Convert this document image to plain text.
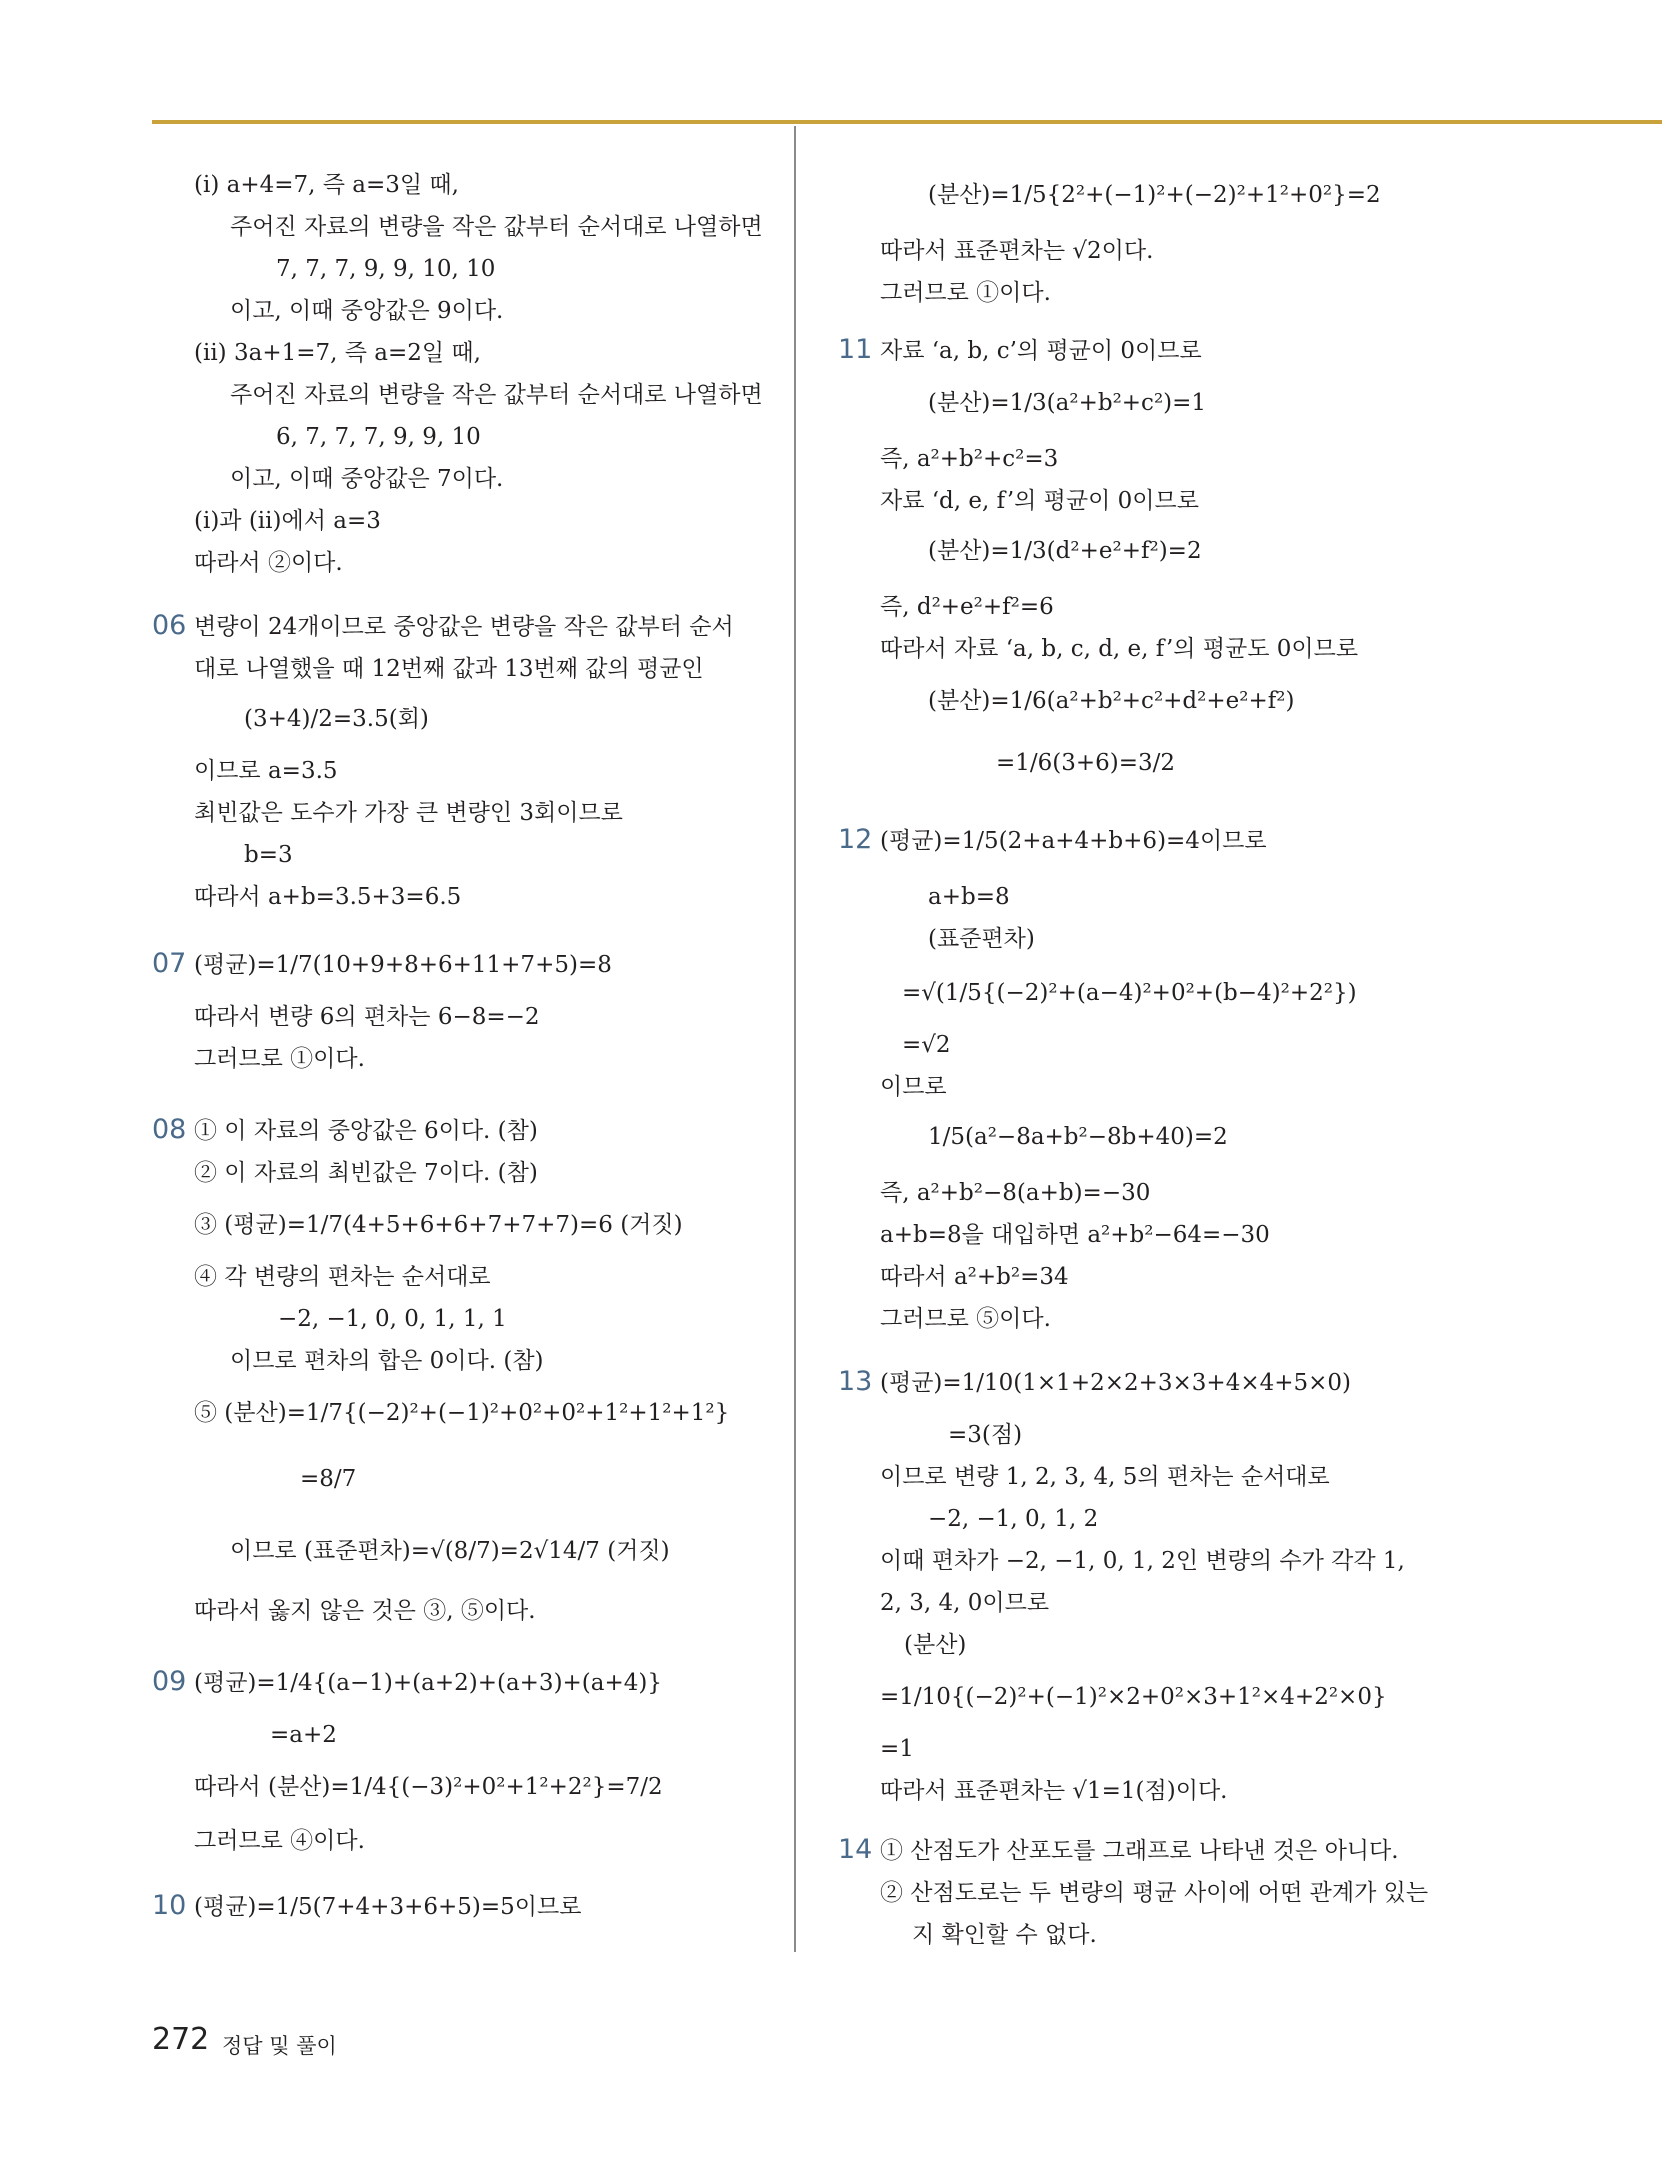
(ⅰ) a+4=7, 즉 a=3일 때,
주어진 자료의 변량을 작은 값부터 순서대로 나열하면
7, 7, 7, 9, 9, 10, 10
이고, 이때 중앙값은 9이다.
(ⅱ) 3a+1=7, 즉 a=2일 때,
주어진 자료의 변량을 작은 값부터 순서대로 나열하면
6, 7, 7, 7, 9, 9, 10
이고, 이때 중앙값은 7이다.
(ⅰ)과 (ⅱ)에서 a=3
따라서 ②이다.
06 변량이 24개이므로 중앙값은 변량을 작은 값부터 순서
대로 나열했을 때 12번째 값과 13번째 값의 평균인
(3+4)/2=3.5(회)
이므로 a=3.5
최빈값은 도수가 가장 큰 변량인 3회이므로
b=3
따라서 a+b=3.5+3=6.5
07 (평균)=1/7(10+9+8+6+11+7+5)=8
따라서 변량 6의 편차는 6−8=−2
그러므로 ①이다.
08 ① 이 자료의 중앙값은 6이다. (참)
② 이 자료의 최빈값은 7이다. (참)
③ (평균)=1/7(4+5+6+6+7+7+7)=6 (거짓)
④ 각 변량의 편차는 순서대로
−2, −1, 0, 0, 1, 1, 1
이므로 편차의 합은 0이다. (참)
⑤ (분산)=1/7{(−2)²+(−1)²+0²+0²+1²+1²+1²}
=8/7
이므로 (표준편차)=√(8/7)=2√14/7 (거짓)
따라서 옳지 않은 것은 ③, ⑤이다.
09 (평균)=1/4{(a−1)+(a+2)+(a+3)+(a+4)}
=a+2
따라서 (분산)=1/4{(−3)²+0²+1²+2²}=7/2
그러므로 ④이다.
10 (평균)=1/5(7+4+3+6+5)=5이므로
(분산)=1/5{2²+(−1)²+(−2)²+1²+0²}=2
따라서 표준편차는 √2이다.
그러므로 ①이다.
11 자료 ‘a, b, c’의 평균이 0이므로
(분산)=1/3(a²+b²+c²)=1
즉, a²+b²+c²=3
자료 ‘d, e, f’의 평균이 0이므로
(분산)=1/3(d²+e²+f²)=2
즉, d²+e²+f²=6
따라서 자료 ‘a, b, c, d, e, f’의 평균도 0이므로
(분산)=1/6(a²+b²+c²+d²+e²+f²)
=1/6(3+6)=3/2
12 (평균)=1/5(2+a+4+b+6)=4이므로
a+b=8
(표준편차)
=√(1/5{(−2)²+(a−4)²+0²+(b−4)²+2²})
=√2
이므로
1/5(a²−8a+b²−8b+40)=2
즉, a²+b²−8(a+b)=−30
a+b=8을 대입하면 a²+b²−64=−30
따라서 a²+b²=34
그러므로 ⑤이다.
13 (평균)=1/10(1×1+2×2+3×3+4×4+5×0)
=3(점)
이므로 변량 1, 2, 3, 4, 5의 편차는 순서대로
−2, −1, 0, 1, 2
이때 편차가 −2, −1, 0, 1, 2인 변량의 수가 각각 1,
2, 3, 4, 0이므로
(분산)
=1/10{(−2)²+(−1)²×2+0²×3+1²×4+2²×0}
=1
따라서 표준편차는 √1=1(점)이다.
14 ① 산점도가 산포도를 그래프로 나타낸 것은 아니다.
② 산점도로는 두 변량의 평균 사이에 어떤 관계가 있는
지 확인할 수 없다.
272 정답 및 풀이
